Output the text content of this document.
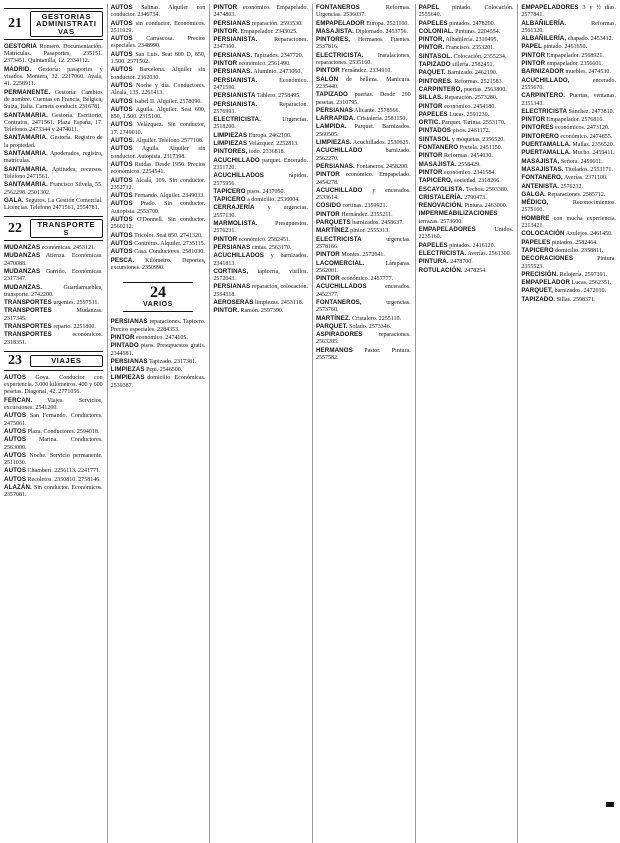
21	GESTORIAS ADMINISTRATIVAS

GESTORIA Romero. Documentación. Matrículas. Pasaportes, 235151. 2373451. Quintanilla, 12. 2334112.

MADRID. Gestoría: pasaportes y visados. Montera, 32. 2217060. Ayala, 41. 2258911.

PERMANENTE. Gestoría: Cambios de nombre. Cuentas en Francia, Bélgica, Suiza, Italia. Carnets conducir. 2316781.

SANTAMARIA. Gestoría. Escritorio, Contratos, 2471561. Plaza España, 17. Teléfonos 2473344 y 2474011.

SANTAMARIA. Gestoría. Registro de la propiedad.

SANTAMARIA. Apoderados, registro, matrículas.

SANTAMARIA. Aptitudes, recursos. Teléfono 2471561.

SANTAMARIA. Francisco Silvela, 55. 2562298. 2501302.

GALA. Seguros. La Gestión Comercial. Licencias. Teléfono 2471561, 2554781.

22	TRANSPORTES

MUDANZAS económicas. 2453121.

MUDANZAS Atienza. Económicas. 2470088.

MUDANZAS Garrido. Económicas. 2317347.

MUDANZAS. Guardamuebles, transporte. 2742200.

TRANSPORTES urgentes. 2597511.

TRANSPORTES Mudanzas. 2317345.

TRANSPORTES reparto. 2251800.

TRANSPORTES económicos. 2318351.

23	VIAJES

AUTOS Goya. Conductor con experiencia. 3.000 kilómetros. 400 y 600 pesetas. Diagonal, 42. 2771056.

FERCAN. Viajes. Servicios, excursiones. 2541200.

AUTOS San Fernando. Conductores. 2475061.

AUTOS Plaza. Conductores. 2594018.

AUTOS Marina. Conductores. 2563000.

AUTOS Noche. Servicio permanente. 2511030.

AUTOS Chamberí. 2256113. 2241771.

AUTOS Recoletos. 2350810. 2758146.

ALAZÁN. Sin conductor. Económicos. 2357081.

AUTOS Salinas. Alquiler con conductor. 2346734.

AUTOS sin conductor. Económicos. 2511029.

AUTOS Carrascosa. Precios especiales. 2348990.

AUTOS San Luis. Seat 600 D, 850, 1.500. 2571502.

AUTOS Barcelona. Alquiler sin conductor. 2362030.

AUTOS Noche y día. Conductores. Alcalá, 135. 2261413.

AUTOS Isabel II. Alquiler. 2578090.

AUTOS Aguila. Alquiler. Seat 600, 850, 1.500. 2315100.

AUTOS Velázquez. Sin conductor, 17. 2749010.

AUTOS. Alquiler. Teléfono 2577108.

AUTOS Aguila. Alquiler sin conductor. Autopista. 2317398.

AUTOS Ruidas. Desde 1950. Precios económicos. 2254541.

AUTOS Alcalá, 109. Sin conductor. 2352712.

AUTOS Fernando. Alquiler. 2349033.

AUTOS Prado. Sin conductor. Autopista. 2553700.

AUTOS O'Donnell. Sin conductor. 2560212.

AUTOS Tricolor. Seat 850. 2741320.

AUTOS Contreras. Alquiler. 2735115.

AUTOS Casa. Conductores. 2581030.

PESCA. Kilómetro. Deportes, excursiones. 2350990.

24
VARIOS

PERSIANAS reparaciones. Tapicero. Precios especiales. 2284353.

PINTOR económico. 2474105.

PINTADO pisos. Presupuestos gratis. 2344581.

PERSIANAS Tapizado. 2317381.

LIMPIEZAS Pepi. 2546500.

LIMPIEZAS domicilio. Económicas. 2539387.

PINTOR económico. Empapelado. 2474803.

PERSIANAS reparación. 2593530.

PINTOR. Empapelador. 2343025.

PERSIANISTA. Reparaciones. 2347300.

PERSIANAS. Tapizados. 2347720.

PINTOR económico. 2561490.

PERSIANAS. Aluminio. 2473060.

PERSIANISTA. Económico. 2471590.

PERSIANISTA Tablero. 2758495.

PERSIANISTA. Reparación. 2576993.

ELECTRICISTA. Urgencias. 2518200.

LIMPIEZAS Europa. 2462100.

LIMPIEZAS Velázquez. 2252813.

PINTORES, todo. 2336818.

ACUCHILLADO parquet. Encerado. 2351720.

ACUCHILLADOS rápidos. 2575956.

TAPICERO pisos. 2437050.

TAPICERO a domicilio. 2536004.

CERRAJERÍA y urgencias. 2557130.

MARMOLISTA. Presupuestos. 2576231.

PINTOR económico. 2582451.

PERSIANAS cintas. 2563170.

ACUCHILLADOS y barnizados. 2341813.

CORTINAS, tapicería, visillos. 2572043.

PERSIANAS reparación, colocación. 2554318.

AEROSERAS limpiezas. 2453118.

PINTOR. Ramón. 2597390.

FONTANEROS Reformas. Urgencias. 2536037.

EMPAPELADOR Europa. 2521160.

MASAJISTA. Diplomado. 2453756.

PINTORES, Hermanos Fuentes. 2537816.

ELECTRICISTA. Instalaciones, reparaciones. 2535160.

PINTOR Fernández. 2334910.

SALÓN de belleza. Manicura. 2235440.

TAPIZADO puertas. Desde 290 pesetas. 2310795.

PERSIANAS Alicante. 2578566.

LARRAPIDA. Cristalería. 2581150.

LAMPIDA. Parquet. Barnizados. 2560505.

LIMPIEZAS. Acuchillados. 2530625.

ACUCHILLADO barnizado. 2562270.

PERSIANAS. Fontaneros. 2458200.

PINTOR económico. Empapelado. 2454278.

ACUCHILLADO y encerados. 2533614.

COSIDO cortinas. 2359921.

PINTOR Hernández. 2355211.

PARQUETS barnizados. 2458637.

MARTÍNEZ pintor. 2555313.

ELECTRICISTA urgencias. 2578166.

PINTOR Montes. 2572641.

LACOMERCIAL. Lámparas. 2562001.

PINTOR económico. 2457777.

ACUCHILLADOS encerados. 2452377.

FONTANEROS, urgencias. 2573760.

MARTÍNEZ. Cristalero. 2255110.

PARQUET. Solado. 2573346.

ASPIRADORES reparaciones. 2563285.

HERMANOS Pastor. Pintura. 2557582.

PAPEL pintado. Colocación. 2555640.

PAPELES pintados. 2478200.

COLONIAL. Pinturas. 2204554.

PINTOR, Albañilería. 2310495.

PINTOR. Francisco. 2353201.

SINTASOL. Colocación. 2355234.

TAPIZADO sillería. 2582451.

PAQUET. Barnizado. 2462190.

PINTORES. Reformas. 2521583.

CARPINTERO, puertas. 2563800.

SILLAS. Reparación. 2573280.

PINTOR económico. 2454180.

PAPELES Lucas. 2591230.

ORTIC. Parquet. Tarima. 2553170.

PINTADOS pisos. 2461172.

SINTASOL y moquetas. 2356520.

FONTANERO Portela. 2451150.

PINTOR Reformas. 2454030.

MASAJISTA. 2558429.

PINTOR económico. 2341584.

TAPICERO, sociedad. 2318266.

ESCAYOLISTA. Techos. 2593380.

CRISTALERÍA. 2790473.

RENOVACIÓN. Pintura. 2463000.

IMPERMEABILIZACIONES terrazas. 2573600.

EMPAPELADORES Unidos. 2235160.

PAPELES pintados. 2416120.

ELECTRICISTA. Averías. 2561300.

PINTURA. 2478700.

ROTULACIÓN. 2478254.

EMPAPELADORES 3 y ½ días. 2577841.

ALBAÑILERÍA. Reformas. 2561320.

ALBAÑILERÍA, chapado. 2453412.

PAPEL pintado. 2461650.

PINTOR Empapelador. 2568921.

PINTOR empapelador. 2356601.

BARNIZADOR muebles. 2474530.

ACUCHILLADO, encerado. 2555670.

CARPINTERO. Puertas, ventanas. 2351343.

ELECTRICISTA Sánchez. 2473810.

PINTOR Empapelador. 2576816.

PINTORES económicos. 2473120.

PINTORERO económico. 2474855.

PUERTAMALLA. Mallas. 2356520.

PUERTAMALLA. Mucho. 2459411.

MASAJISTA, Señora. 2459011.

MASAJISTAS. Titulados. 2553171.

FONTANERO, Averías. 2371100.

ANTENISTA. 2576232.

GALGA. Reparaciones. 2585712.

MÉDICO, Reconocimientos. 2575160.

HOMBRE con mucha experiencia. 2213421.

COLOCACIÓN Azulejos. 2461450.

PAPELES pintados. 2582464.

TAPICERO domicilio. 2358811.

DECORACIONES Pintura. 2355523.

PRECISIÓN. Relojería. 2597391.

EMPAPELADOR Lucas. 2562351.

PARQUET, barnizados. 2472010.

TAPIZADO. Sillas. 2598371.
